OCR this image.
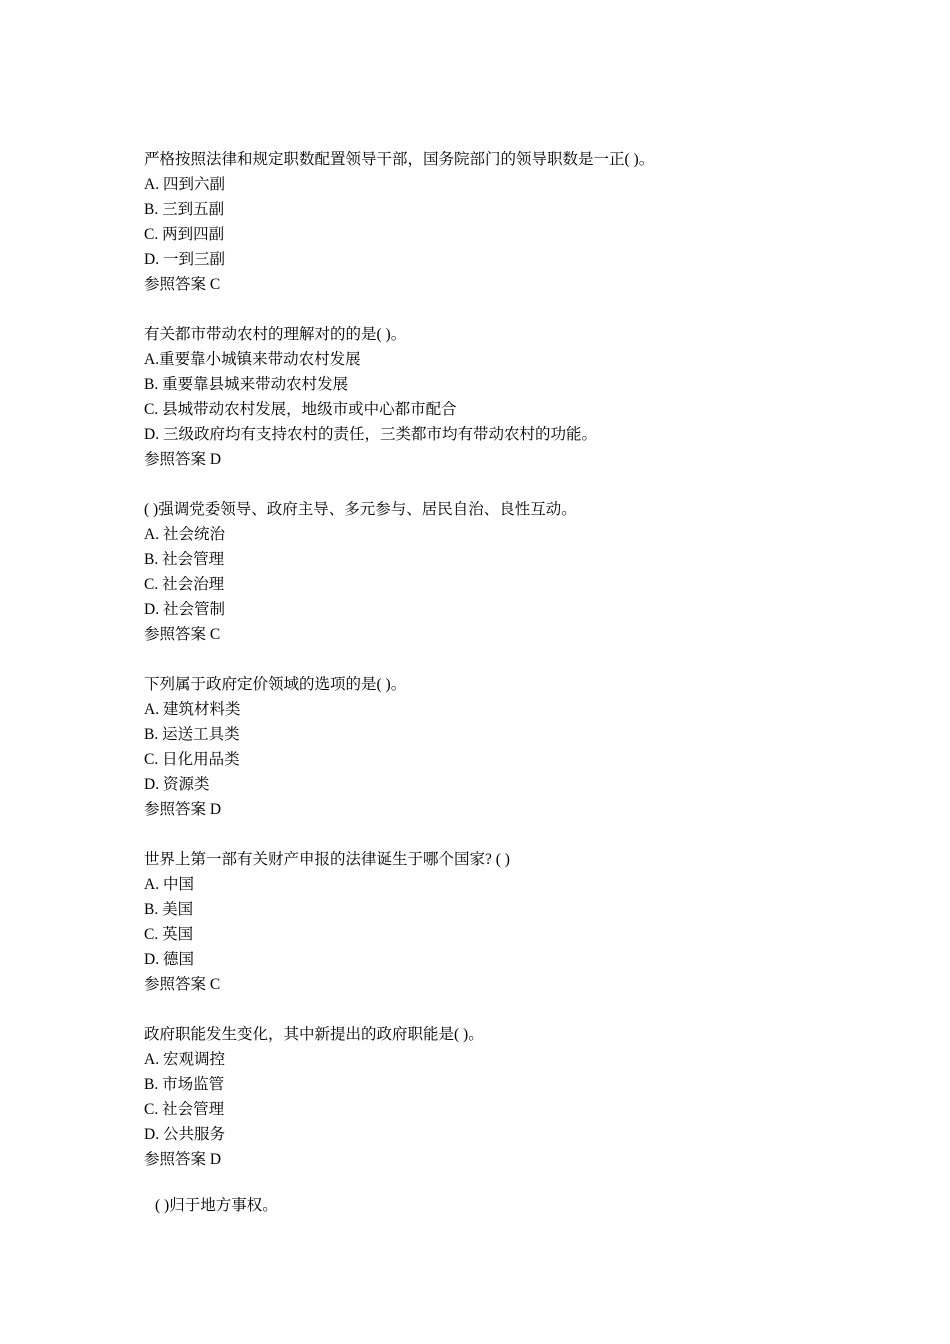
严格按照法律和规定职数配置领导干部，国务院部门的领导职数是一正( )。
A. 四到六副
B. 三到五副
C. 两到四副
D. 一到三副
参照答案 C
有关都市带动农村的理解对的的是( )。
A.重要靠小城镇来带动农村发展
B. 重要靠县城来带动农村发展
C. 县城带动农村发展，地级市或中心都市配合
D. 三级政府均有支持农村的责任，三类都市均有带动农村的功能。
参照答案 D
( )强调党委领导、政府主导、多元参与、居民自治、良性互动。
A. 社会统治
B. 社会管理
C. 社会治理
D. 社会管制
参照答案 C
下列属于政府定价领域的选项的是( )。
A. 建筑材料类
B. 运送工具类
C. 日化用品类
D. 资源类
参照答案 D
世界上第一部有关财产申报的法律诞生于哪个国家? ( )
A. 中国
B. 美国
C. 英国
D. 德国
参照答案 C
政府职能发生变化，其中新提出的政府职能是( )。
A. 宏观调控
B. 市场监管
C. 社会管理
D. 公共服务
参照答案 D
( )归于地方事权。
